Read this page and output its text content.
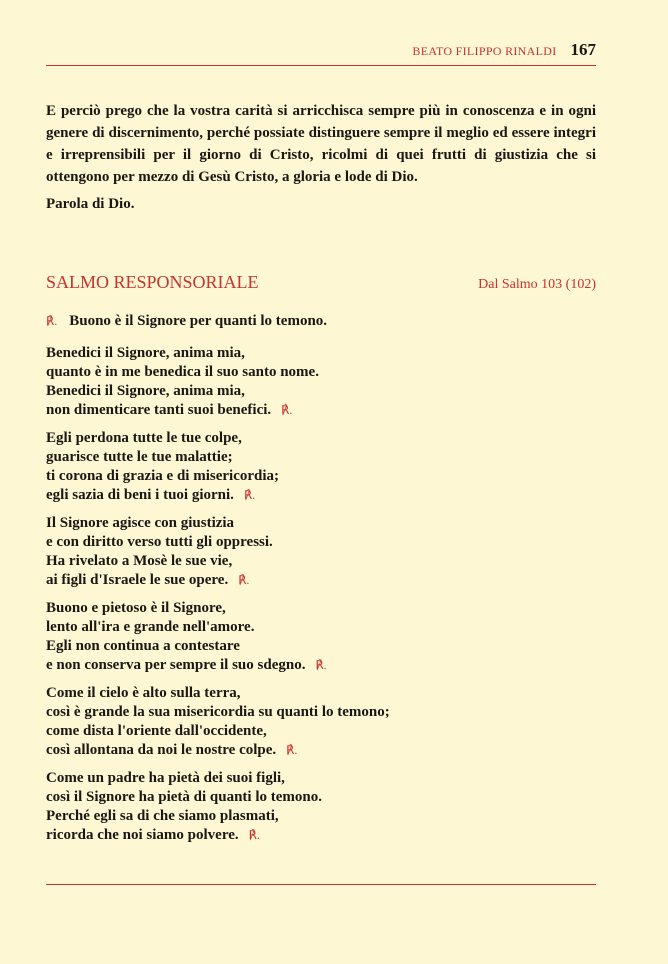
BEATO FILIPPO RINALDI 167

E perciò prego che la vostra carità si arricchisca sempre più in conoscenza e in ogni genere di discernimento, perché possiate distinguere sempre il meglio ed essere integri e irreprensibili per il giorno di Cristo, ricolmi di quei frutti di giustizia che si ottengono per mezzo di Gesù Cristo, a gloria e lode di Dio.

Parola di Dio.

SALMO RESPONSORIALE	Dal Salmo 103 (102)
℟. Buono è il Signore per quanti lo temono.
Benedici il Signore, anima mia,
quanto è in me benedica il suo santo nome.
Benedici il Signore, anima mia,
non dimenticare tanti suoi benefici. ℟.
Egli perdona tutte le tue colpe,
guarisce tutte le tue malattie;
ti corona di grazia e di misericordia;
egli sazia di beni i tuoi giorni. ℟.
Il Signore agisce con giustizia
e con diritto verso tutti gli oppressi.
Ha rivelato a Mosè le sue vie,
ai figli d'Israele le sue opere. ℟.
Buono e pietoso è il Signore,
lento all'ira e grande nell'amore.
Egli non continua a contestare
e non conserva per sempre il suo sdegno. ℟.
Come il cielo è alto sulla terra,
così è grande la sua misericordia su quanti lo temono;
come dista l'oriente dall'occidente,
così allontana da noi le nostre colpe. ℟.
Come un padre ha pietà dei suoi figli,
così il Signore ha pietà di quanti lo temono.
Perché egli sa di che siamo plasmati,
ricorda che noi siamo polvere. ℟.
